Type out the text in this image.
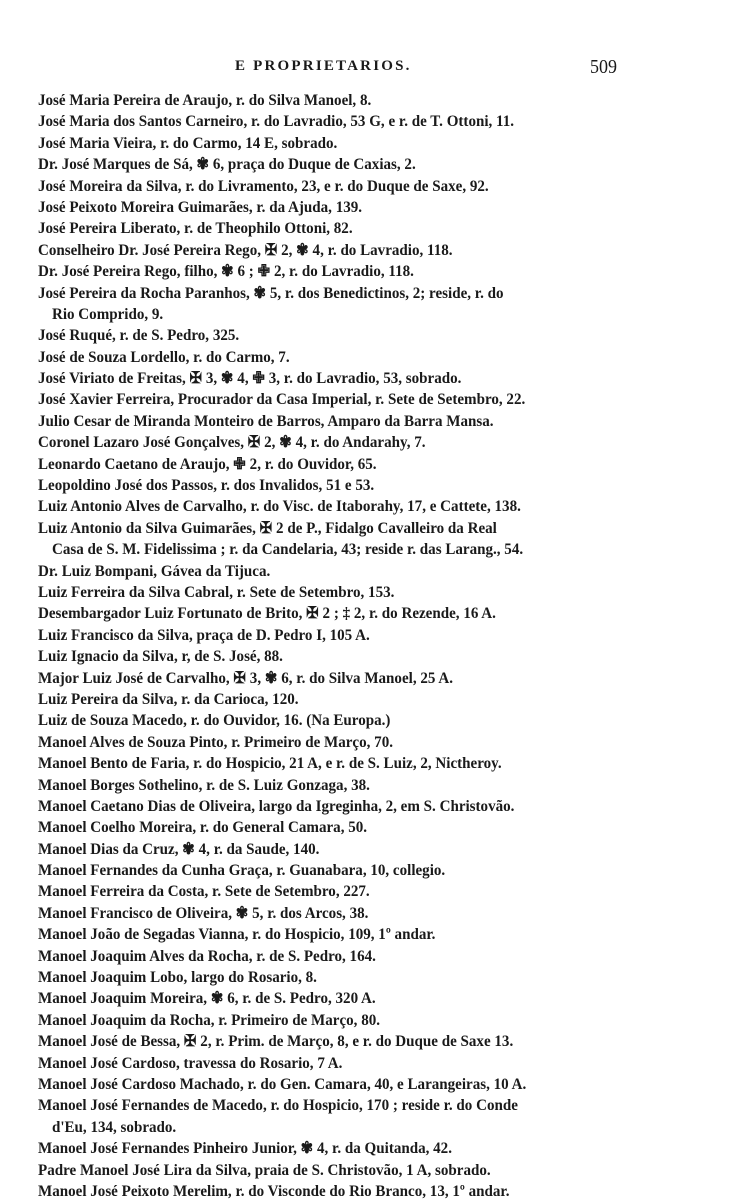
E PROPRIETARIOS.	509
José Maria Pereira de Araujo, r. do Silva Manoel, 8.
José Maria dos Santos Carneiro, r. do Lavradio, 53 G, e r. de T. Ottoni, 11.
José Maria Vieira, r. do Carmo, 14 E, sobrado.
Dr. José Marques de Sá, ✾ 6, praça do Duque de Caxias, 2.
José Moreira da Silva, r. do Livramento, 23, e r. do Duque de Saxe, 92.
José Peixoto Moreira Guimarães, r. da Ajuda, 139.
José Pereira Liberato, r. de Theophilo Ottoni, 82.
Conselheiro Dr. José Pereira Rego, ✠ 2, ✾ 4, r. do Lavradio, 118.
Dr. José Pereira Rego, filho, ✾ 6 ; ✙ 2, r. do Lavradio, 118.
José Pereira da Rocha Paranhos, ✾ 5, r. dos Benedictinos, 2; reside, r. do
Rio Comprido, 9.
José Ruqué, r. de S. Pedro, 325.
José de Souza Lordello, r. do Carmo, 7.
José Viriato de Freitas, ✠ 3, ✾ 4, ✙ 3, r. do Lavradio, 53, sobrado.
José Xavier Ferreira, Procurador da Casa Imperial, r. Sete de Setembro, 22.
Julio Cesar de Miranda Monteiro de Barros, Amparo da Barra Mansa.
Coronel Lazaro José Gonçalves, ✠ 2, ✾ 4, r. do Andarahy, 7.
Leonardo Caetano de Araujo, ✙ 2, r. do Ouvidor, 65.
Leopoldino José dos Passos, r. dos Invalidos, 51 e 53.
Luiz Antonio Alves de Carvalho, r. do Visc. de Itaborahy, 17, e Cattete, 138.
Luiz Antonio da Silva Guimarães, ✠ 2 de P., Fidalgo Cavalleiro da Real
Casa de S. M. Fidelissima ; r. da Candelaria, 43; reside r. das Larang., 54.
Dr. Luiz Bompani, Gávea da Tijuca.
Luiz Ferreira da Silva Cabral, r. Sete de Setembro, 153.
Desembargador Luiz Fortunato de Brito, ✠ 2 ; ‡ 2, r. do Rezende, 16 A.
Luiz Francisco da Silva, praça de D. Pedro I, 105 A.
Luiz Ignacio da Silva, r, de S. José, 88.
Major Luiz José de Carvalho, ✠ 3, ✾ 6, r. do Silva Manoel, 25 A.
Luiz Pereira da Silva, r. da Carioca, 120.
Luiz de Souza Macedo, r. do Ouvidor, 16. (Na Europa.)
Manoel Alves de Souza Pinto, r. Primeiro de Março, 70.
Manoel Bento de Faria, r. do Hospicio, 21 A, e r. de S. Luiz, 2, Nictheroy.
Manoel Borges Sothelino, r. de S. Luiz Gonzaga, 38.
Manoel Caetano Dias de Oliveira, largo da Igreginha, 2, em S. Christovão.
Manoel Coelho Moreira, r. do General Camara, 50.
Manoel Dias da Cruz, ✾ 4, r. da Saude, 140.
Manoel Fernandes da Cunha Graça, r. Guanabara, 10, collegio.
Manoel Ferreira da Costa, r. Sete de Setembro, 227.
Manoel Francisco de Oliveira, ✾ 5, r. dos Arcos, 38.
Manoel João de Segadas Vianna, r. do Hospicio, 109, 1º andar.
Manoel Joaquim Alves da Rocha, r. de S. Pedro, 164.
Manoel Joaquim Lobo, largo do Rosario, 8.
Manoel Joaquim Moreira, ✾ 6, r. de S. Pedro, 320 A.
Manoel Joaquim da Rocha, r. Primeiro de Março, 80.
Manoel José de Bessa, ✠ 2, r. Prim. de Março, 8, e r. do Duque de Saxe 13.
Manoel José Cardoso, travessa do Rosario, 7 A.
Manoel José Cardoso Machado, r. do Gen. Camara, 40, e Larangeiras, 10 A.
Manoel José Fernandes de Macedo, r. do Hospicio, 170 ; reside r. do Conde
d'Eu, 134, sobrado.
Manoel José Fernandes Pinheiro Junior, ✾ 4, r. da Quitanda, 42.
Padre Manoel José Lira da Silva, praia de S. Christovão, 1 A, sobrado.
Manoel José Peixoto Merelim, r. do Visconde do Rio Branco, 13, 1º andar.
